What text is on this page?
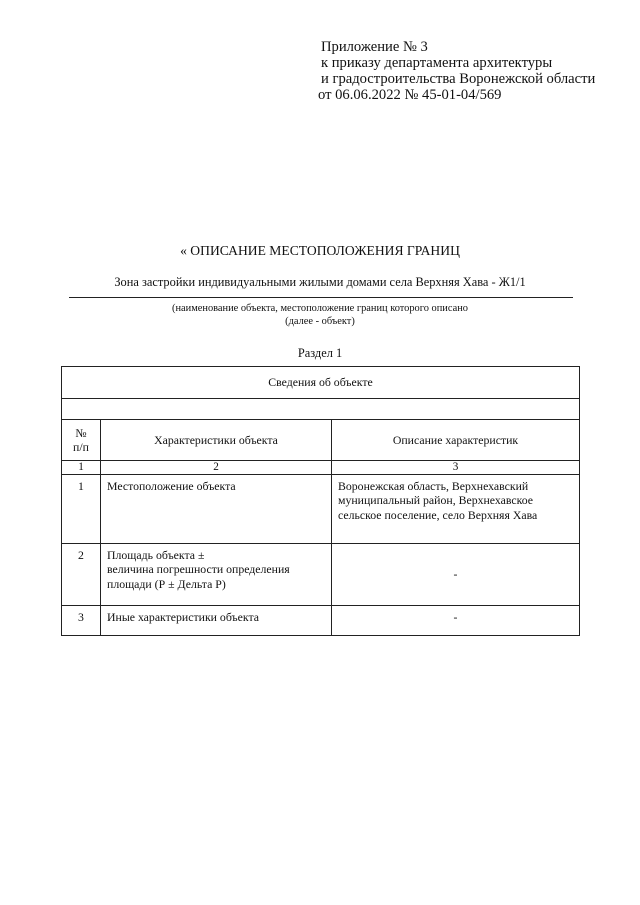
Приложение № 3
к приказу департамента архитектуры
и градостроительства Воронежской области
от 06.06.2022 № 45-01-04/569
« ОПИСАНИЕ МЕСТОПОЛОЖЕНИЯ ГРАНИЦ
Зона застройки индивидуальными жилыми домами села Верхняя Хава - Ж1/1
(наименование объекта, местоположение границ которого описано
(далее - объект)
Раздел 1
Сведения об объекте		

№
п/п	Характеристики объекта	Описание характеристик
1	2	3
1	Местоположение объекта	Воронежская область, Верхнехавский
муниципальный район, Верхнехавское
сельское поселение, село Верхняя Хава

2	Площадь объекта ±
величина погрешности определения
площади (Р ± Дельта Р)	-
3	Иные характеристики объекта	-
